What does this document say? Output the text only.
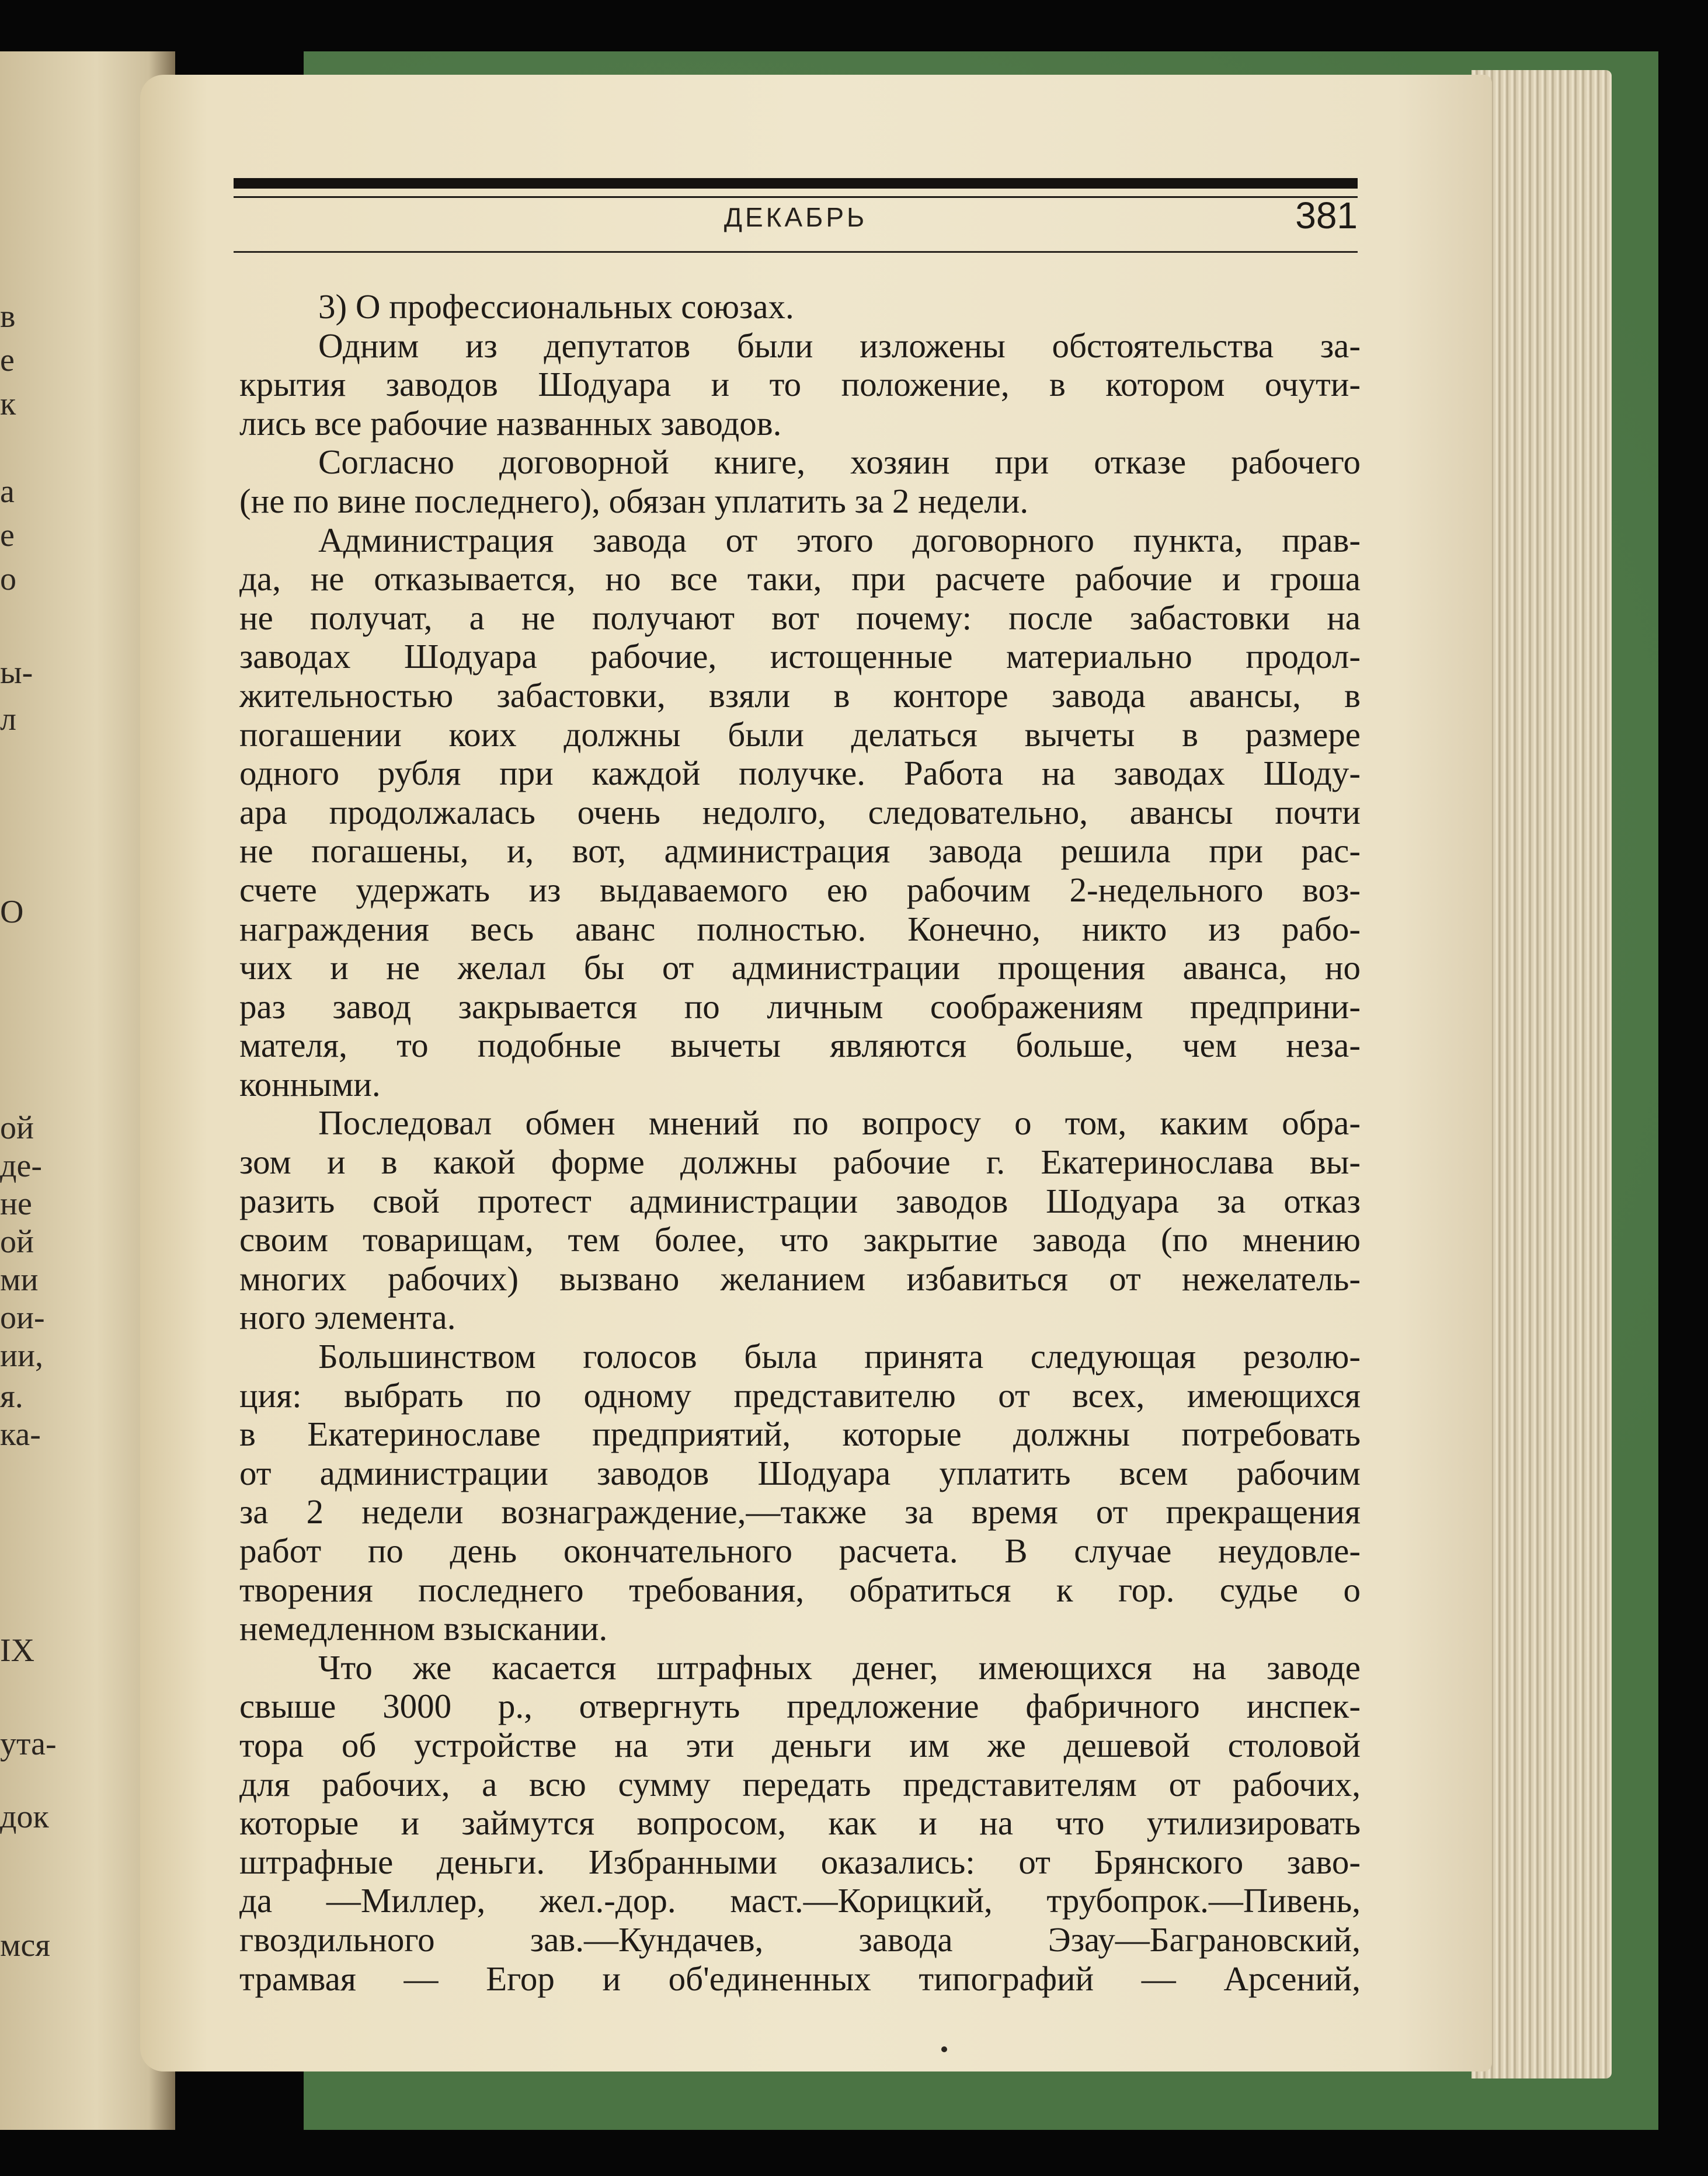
в
е
к
а
е
о
ы-
л
О
ой
де-
не
ой
ми
ои-
ии,
я.
ка-
IX
ута-
док
мся
ДЕКАБРЬ	381
3) О профессиональных союзах.
Одним из депутатов были изложены обстоятельства за-
крытия заводов Шодуара и то положение, в котором очути-
лись все рабочие названных заводов.
Согласно договорной книге, хозяин при отказе рабочего
(не по вине последнего), обязан уплатить за 2 недели.
Администрация завода от этого договорного пункта, прав-
да, не отказывается, но все таки, при расчете рабочие и гроша
не получат, а не получают вот почему: после забастовки на
заводах Шодуара рабочие, истощенные материально продол-
жительностью забастовки, взяли в конторе завода авансы, в
погашении коих должны были делаться вычеты в размере
одного рубля при каждой получке. Работа на заводах Шоду-
ара продолжалась очень недолго, следовательно, авансы почти
не погашены, и, вот, администрация завода решила при рас-
счете удержать из выдаваемого ею рабочим 2-недельного воз-
награждения весь аванс полностью. Конечно, никто из рабо-
чих и не желал бы от администрации прощения аванса, но
раз завод закрывается по личным соображениям предприни-
мателя, то подобные вычеты являются больше, чем неза-
конными.
Последовал обмен мнений по вопросу о том, каким обра-
зом и в какой форме должны рабочие г. Екатеринослава вы-
разить свой протест администрации заводов Шодуара за отказ
своим товарищам, тем более, что закрытие завода (по мнению
многих рабочих) вызвано желанием избавиться от нежелатель-
ного элемента.
Большинством голосов была принята следующая резолю-
ция: выбрать по одному представителю от всех, имеющихся
в Екатеринославе предприятий, которые должны потребовать
от администрации заводов Шодуара уплатить всем рабочим
за 2 недели вознаграждение,—также за время от прекращения
работ по день окончательного расчета. В случае неудовле-
творения последнего требования, обратиться к гор. судье о
немедленном взыскании.
Что же касается штрафных денег, имеющихся на заводе
свыше 3000 р., отвергнуть предложение фабричного инспек-
тора об устройстве на эти деньги им же дешевой столовой
для рабочих, а всю сумму передать представителям от рабочих,
которые и займутся вопросом, как и на что утилизировать
штрафные деньги. Избранными оказались: от Брянского заво-
да —Миллер, жел.-дор. маст.—Корицкий, трубопрок.—Пивень,
гвоздильного зав.—Кундачев, завода Эзау—Баграновский,
трамвая — Егор и об'единенных типографий — Арсений,
